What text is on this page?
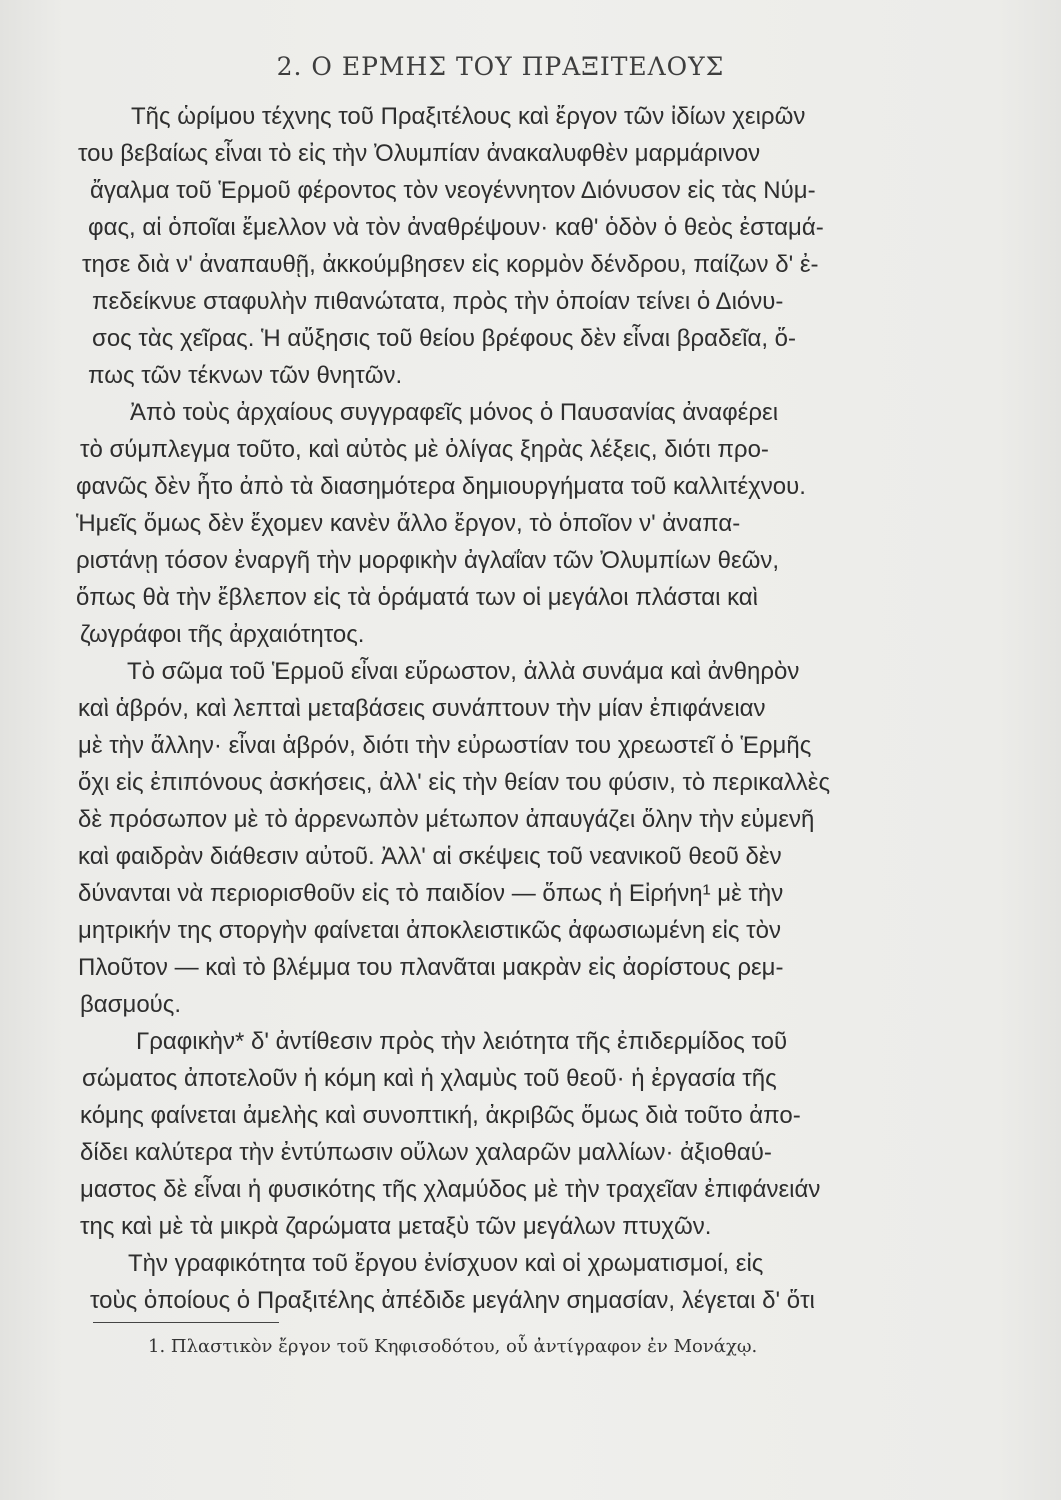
2. Ο ΕΡΜΗΣ ΤΟΥ ΠΡΑΞΙΤΕΛΟΥΣ
Τῆς ὡρίμου τέχνης τοῦ Πραξιτέλους καὶ ἔργον τῶν ἰδίων χειρῶν
του βεβαίως εἶναι τὸ εἰς τὴν Ὀλυμπίαν ἀνακαλυφθὲν μαρμάρινον
ἄγαλμα τοῦ Ἑρμοῦ φέροντος τὸν νεογέννητον Διόνυσον εἰς τὰς Νύμ-
φας, αἱ ὁποῖαι ἔμελλον νὰ τὸν ἀναθρέψουν· καθ' ὁδὸν ὁ θεὸς ἐσταμά-
τησε διὰ ν' ἀναπαυθῇ, ἀκκούμβησεν εἰς κορμὸν δένδρου, παίζων δ' ἐ-
πεδείκνυε σταφυλὴν πιθανώτατα, πρὸς τὴν ὁποίαν τείνει ὁ Διόνυ-
σος τὰς χεῖρας. Ἡ αὔξησις τοῦ θείου βρέφους δὲν εἶναι βραδεῖα, ὅ-
πως τῶν τέκνων τῶν θνητῶν.
Ἀπὸ τοὺς ἀρχαίους συγγραφεῖς μόνος ὁ Παυσανίας ἀναφέρει
τὸ σύμπλεγμα τοῦτο, καὶ αὐτὸς μὲ ὀλίγας ξηρὰς λέξεις, διότι προ-
φανῶς δὲν ἦτο ἀπὸ τὰ διασημότερα δημιουργήματα τοῦ καλλιτέχνου.
Ἡμεῖς ὅμως δὲν ἔχομεν κανὲν ἄλλο ἔργον, τὸ ὁποῖον ν' ἀναπα-
ριστάνῃ τόσον ἐναργῆ τὴν μορφικὴν ἀγλαΐαν τῶν Ὀλυμπίων θεῶν,
ὅπως θὰ τὴν ἔβλεπον εἰς τὰ ὁράματά των οἱ μεγάλοι πλάσται καὶ
ζωγράφοι τῆς ἀρχαιότητος.
Τὸ σῶμα τοῦ Ἑρμοῦ εἶναι εὔρωστον, ἀλλὰ συνάμα καὶ ἀνθηρὸν
καὶ ἁβρόν, καὶ λεπταὶ μεταβάσεις συνάπτουν τὴν μίαν ἐπιφάνειαν
μὲ τὴν ἄλλην· εἶναι ἁβρόν, διότι τὴν εὐρωστίαν του χρεωστεῖ ὁ Ἑρμῆς
ὄχι εἰς ἐπιπόνους ἀσκήσεις, ἀλλ' εἰς τὴν θείαν του φύσιν, τὸ περικαλλὲς
δὲ πρόσωπον μὲ τὸ ἀρρενωπὸν μέτωπον ἀπαυγάζει ὅλην τὴν εὐμενῆ
καὶ φαιδρὰν διάθεσιν αὐτοῦ. Ἀλλ' αἱ σκέψεις τοῦ νεανικοῦ θεοῦ δὲν
δύνανται νὰ περιορισθοῦν εἰς τὸ παιδίον — ὅπως ἡ Εἰρήνη¹ μὲ τὴν
μητρικήν της στοργὴν φαίνεται ἀποκλειστικῶς ἀφωσιωμένη εἰς τὸν
Πλοῦτον — καὶ τὸ βλέμμα του πλανᾶται μακρὰν εἰς ἀορίστους ρεμ-
βασμούς.
Γραφικὴν* δ' ἀντίθεσιν πρὸς τὴν λειότητα τῆς ἐπιδερμίδος τοῦ
σώματος ἀποτελοῦν ἡ κόμη καὶ ἡ χλαμὺς τοῦ θεοῦ· ἡ ἐργασία τῆς
κόμης φαίνεται ἀμελὴς καὶ συνοπτική, ἀκριβῶς ὅμως διὰ τοῦτο ἀπο-
δίδει καλύτερα τὴν ἐντύπωσιν οὔλων χαλαρῶν μαλλίων· ἀξιοθαύ-
μαστος δὲ εἶναι ἡ φυσικότης τῆς χλαμύδος μὲ τὴν τραχεῖαν ἐπιφάνειάν
της καὶ μὲ τὰ μικρὰ ζαρώματα μεταξὺ τῶν μεγάλων πτυχῶν.
Τὴν γραφικότητα τοῦ ἔργου ἐνίσχυον καὶ οἱ χρωματισμοί, εἰς
τοὺς ὁποίους ὁ Πραξιτέλης ἀπέδιδε μεγάλην σημασίαν, λέγεται δ' ὅτι
1. Πλαστικὸν ἔργον τοῦ Κηφισοδότου, οὗ ἀντίγραφον ἐν Μονάχῳ.
